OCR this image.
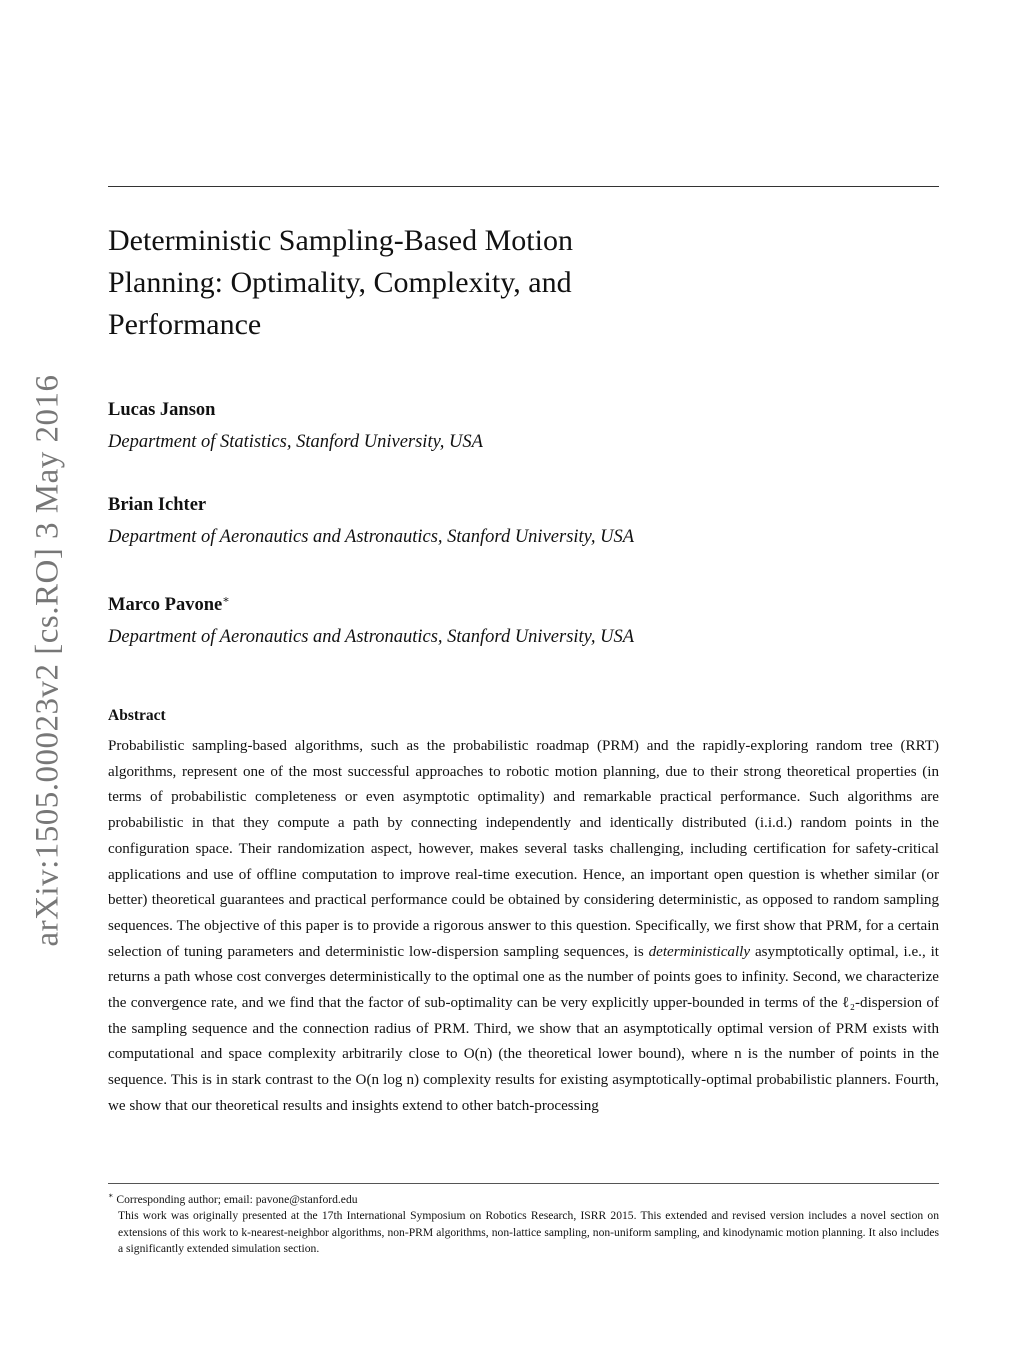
arXiv:1505.00023v2 [cs.RO] 3 May 2016
Deterministic Sampling-Based Motion Planning: Optimality, Complexity, and Performance
Lucas Janson
Department of Statistics, Stanford University, USA
Brian Ichter
Department of Aeronautics and Astronautics, Stanford University, USA
Marco Pavone∗
Department of Aeronautics and Astronautics, Stanford University, USA
Abstract

Probabilistic sampling-based algorithms, such as the probabilistic roadmap (PRM) and the rapidly-exploring random tree (RRT) algorithms, represent one of the most successful approaches to robotic motion planning, due to their strong theoretical properties (in terms of probabilistic completeness or even asymptotic optimality) and remarkable practical performance. Such algorithms are probabilistic in that they compute a path by connecting independently and identically distributed (i.i.d.) random points in the configuration space. Their randomization aspect, however, makes several tasks challenging, including certification for safety-critical applications and use of offline computation to improve real-time execution. Hence, an important open question is whether similar (or better) theoretical guarantees and practical performance could be obtained by considering deterministic, as opposed to random sampling sequences. The objective of this paper is to provide a rigorous answer to this question. Specifically, we first show that PRM, for a certain selection of tuning parameters and deterministic low-dispersion sampling sequences, is deterministically asymptotically optimal, i.e., it returns a path whose cost converges deterministically to the optimal one as the number of points goes to infinity. Second, we characterize the convergence rate, and we find that the factor of sub-optimality can be very explicitly upper-bounded in terms of the ℓ₂-dispersion of the sampling sequence and the connection radius of PRM. Third, we show that an asymptotically optimal version of PRM exists with computational and space complexity arbitrarily close to O(n) (the theoretical lower bound), where n is the number of points in the sequence. This is in stark contrast to the O(n log n) complexity results for existing asymptotically-optimal probabilistic planners. Fourth, we show that our theoretical results and insights extend to other batch-processing

∗ Corresponding author; email: pavone@stanford.edu
This work was originally presented at the 17th International Symposium on Robotics Research, ISRR 2015. This extended and revised version includes a novel section on extensions of this work to k-nearest-neighbor algorithms, non-PRM algorithms, non-lattice sampling, non-uniform sampling, and kinodynamic motion planning. It also includes a significantly extended simulation section.
